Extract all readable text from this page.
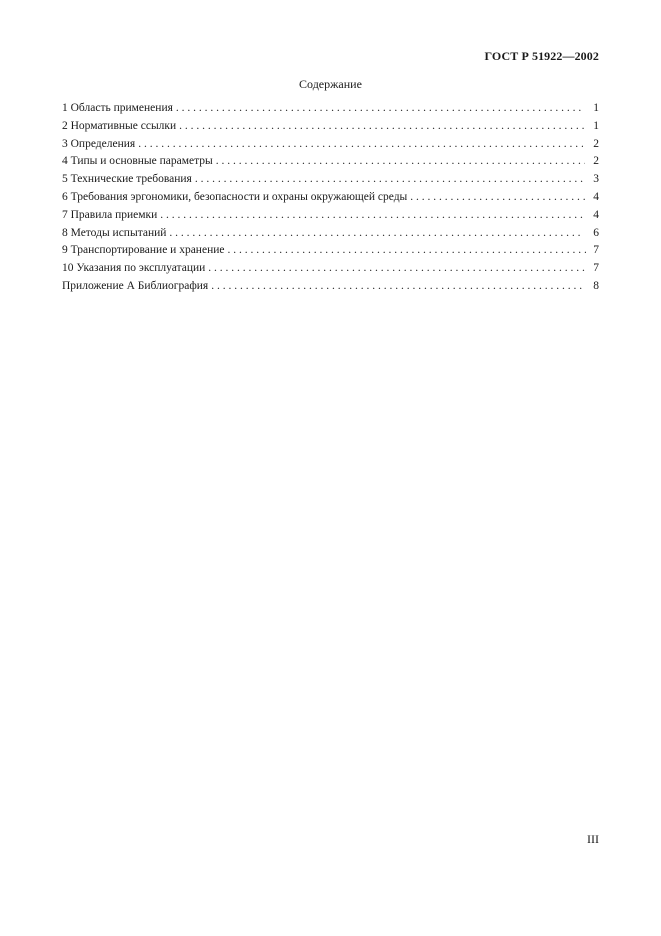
ГОСТ Р 51922—2002
Содержание
1 Область применения . . .	1
2 Нормативные ссылки . . .	1
3 Определения . . .	2
4 Типы и основные параметры . . .	2
5 Технические требования . . .	3
6 Требования эргономики, безопасности и охраны окружающей среды . . .	4
7 Правила приемки . . .	4
8 Методы испытаний . . .	6
9 Транспортирование и хранение . . .	7
10 Указания по эксплуатации . . .	7
Приложение А Библиография . . .	8
III
